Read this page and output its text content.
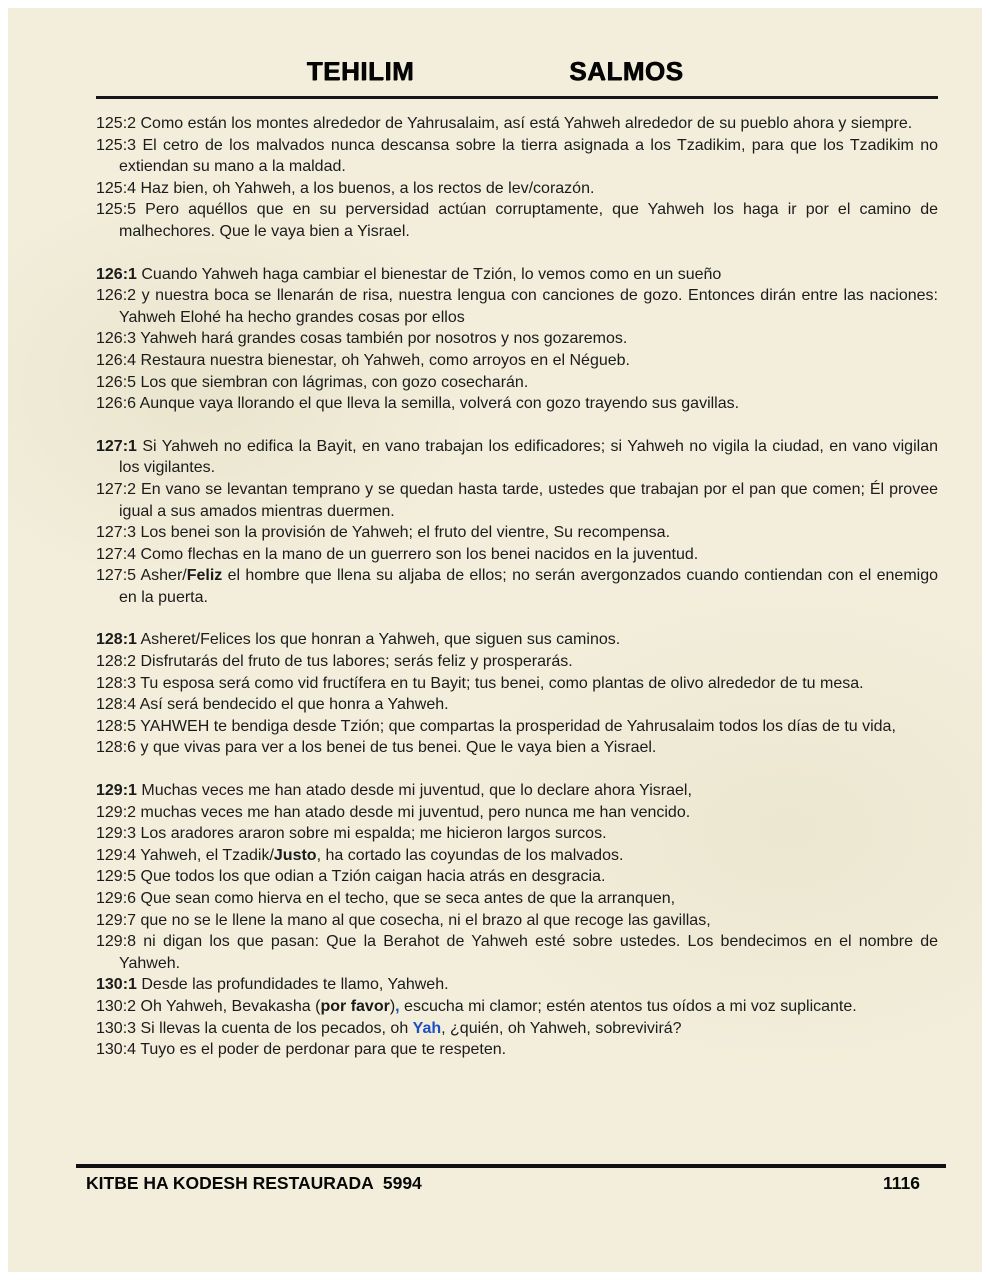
TEHILIM	SALMOS

125:2 Como están los montes alrededor de Yahrusalaim, así está Yahweh alrededor de su pueblo ahora y siempre.

125:3 El cetro de los malvados nunca descansa sobre la tierra asignada a los Tzadikim, para que los Tzadikim no extiendan su mano a la maldad.

125:4 Haz bien, oh Yahweh, a los buenos, a los rectos de lev/corazón.

125:5 Pero aquéllos que en su perversidad actúan corruptamente, que Yahweh los haga ir por el camino de malhechores. Que le vaya bien a Yisrael.

126:1 Cuando Yahweh haga cambiar el bienestar de Tzión, lo vemos como en un sueño

126:2 y nuestra boca se llenarán de risa, nuestra lengua con canciones de gozo. Entonces dirán entre las naciones: Yahweh Elohé ha hecho grandes cosas por ellos

126:3 Yahweh hará grandes cosas también por nosotros y nos gozaremos.

126:4 Restaura nuestra bienestar, oh Yahweh, como arroyos en el Négueb.

126:5 Los que siembran con lágrimas, con gozo cosecharán.

126:6 Aunque vaya llorando el que lleva la semilla, volverá con gozo trayendo sus gavillas.

127:1 Si Yahweh no edifica la Bayit, en vano trabajan los edificadores; si Yahweh no vigila la ciudad, en vano vigilan los vigilantes.

127:2 En vano se levantan temprano y se quedan hasta tarde, ustedes que trabajan por el pan que comen; Él provee igual a sus amados mientras duermen.

127:3 Los benei son la provisión de Yahweh; el fruto del vientre, Su recompensa.

127:4 Como flechas en la mano de un guerrero son los benei nacidos en la juventud.

127:5 Asher/Feliz el hombre que llena su aljaba de ellos; no serán avergonzados cuando contiendan con el enemigo en la puerta.

128:1 Asheret/Felices los que honran a Yahweh, que siguen sus caminos.

128:2 Disfrutarás del fruto de tus labores; serás feliz y prosperarás.

128:3 Tu esposa será como vid fructífera en tu Bayit; tus benei, como plantas de olivo alrededor de tu mesa.

128:4 Así será bendecido el que honra a Yahweh.

128:5 YAHWEH te bendiga desde Tzión; que compartas la prosperidad de Yahrusalaim todos los días de tu vida,

128:6 y que vivas para ver a los benei de tus benei. Que le vaya bien a Yisrael.

129:1 Muchas veces me han atado desde mi juventud, que lo declare ahora Yisrael,

129:2 muchas veces me han atado desde mi juventud, pero nunca me han vencido.

129:3 Los aradores araron sobre mi espalda; me hicieron largos surcos.

129:4 Yahweh, el Tzadik/Justo, ha cortado las coyundas de los malvados.

129:5 Que todos los que odian a Tzión caigan hacia atrás en desgracia.

129:6 Que sean como hierva en el techo, que se seca antes de que la arranquen,

129:7 que no se le llene la mano al que cosecha, ni el brazo al que recoge las gavillas,

129:8 ni digan los que pasan: Que la Berahot de Yahweh esté sobre ustedes. Los bendecimos en el nombre de Yahweh.

130:1 Desde las profundidades te llamo, Yahweh.

130:2 Oh Yahweh, Bevakasha (por favor), escucha mi clamor; estén atentos tus oídos a mi voz suplicante.

130:3 Si llevas la cuenta de los pecados, oh Yah, ¿quién, oh Yahweh, sobrevivirá?

130:4 Tuyo es el poder de perdonar para que te respeten.

KITBE HA KODESH RESTAURADA  5994	1116
